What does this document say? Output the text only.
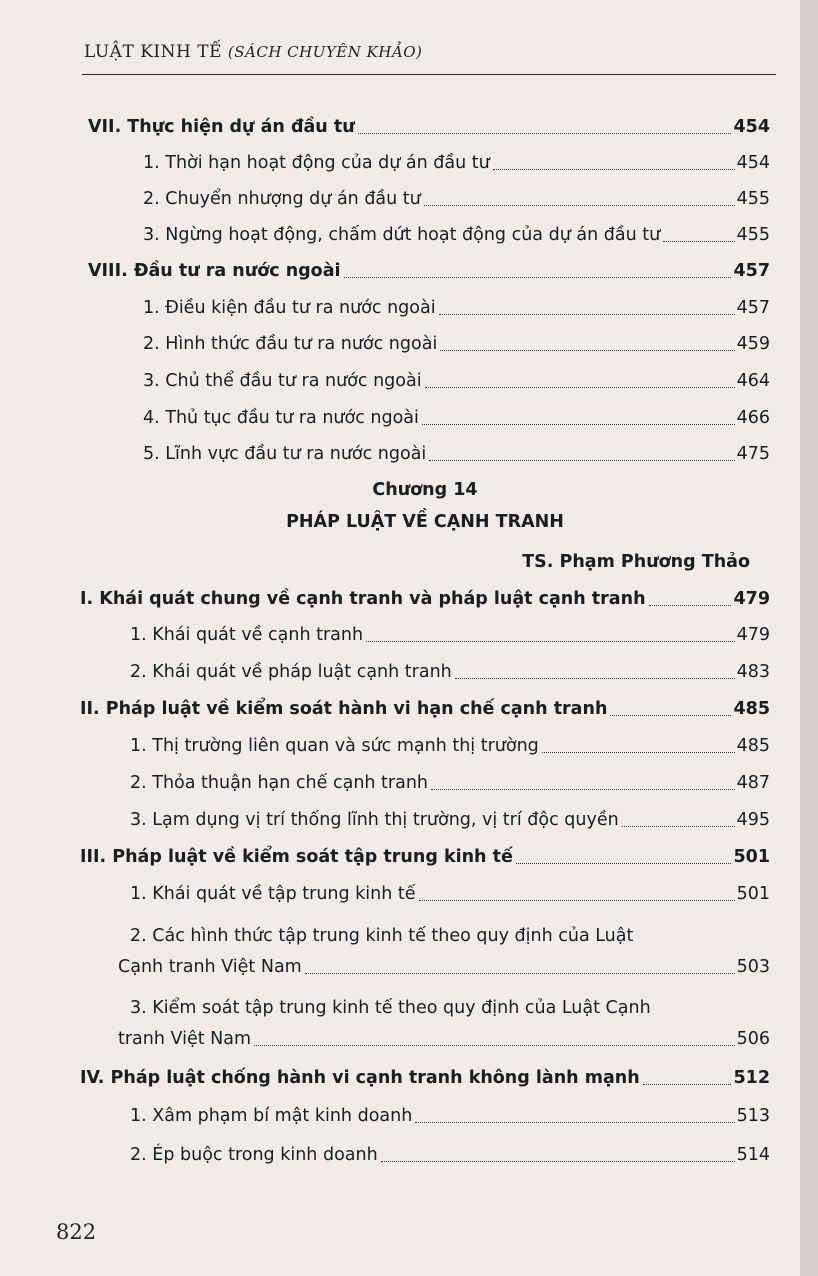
LUẬT KINH TẾ (SÁCH CHUYÊN KHẢO)
VII. Thực hiện dự án đầu tư	454
1. Thời hạn hoạt động của dự án đầu tư	454
2. Chuyển nhượng dự án đầu tư	455
3. Ngừng hoạt động, chấm dứt hoạt động của dự án đầu tư	455
VIII. Đầu tư ra nước ngoài	457
1. Điều kiện đầu tư ra nước ngoài	457
2. Hình thức đầu tư ra nước ngoài	459
3. Chủ thể đầu tư ra nước ngoài	464
4. Thủ tục đầu tư ra nước ngoài	466
5. Lĩnh vực đầu tư ra nước ngoài	475
Chương 14
PHÁP LUẬT VỀ CẠNH TRANH
TS. Phạm Phương Thảo
I. Khái quát chung về cạnh tranh và pháp luật cạnh tranh	479
1. Khái quát về cạnh tranh	479
2. Khái quát về pháp luật cạnh tranh	483
II. Pháp luật về kiểm soát hành vi hạn chế cạnh tranh	485
1. Thị trường liên quan và sức mạnh thị trường	485
2. Thỏa thuận hạn chế cạnh tranh	487
3. Lạm dụng vị trí thống lĩnh thị trường, vị trí độc quyền	495
III. Pháp luật về kiểm soát tập trung kinh tế	501
1. Khái quát về tập trung kinh tế	501
2. Các hình thức tập trung kinh tế theo quy định của Luật
Cạnh tranh Việt Nam	503
3. Kiểm soát tập trung kinh tế theo quy định của Luật Cạnh
tranh Việt Nam	506
IV. Pháp luật chống hành vi cạnh tranh không lành mạnh	512
1. Xâm phạm bí mật kinh doanh	513
2. Ép buộc trong kinh doanh	514
822
